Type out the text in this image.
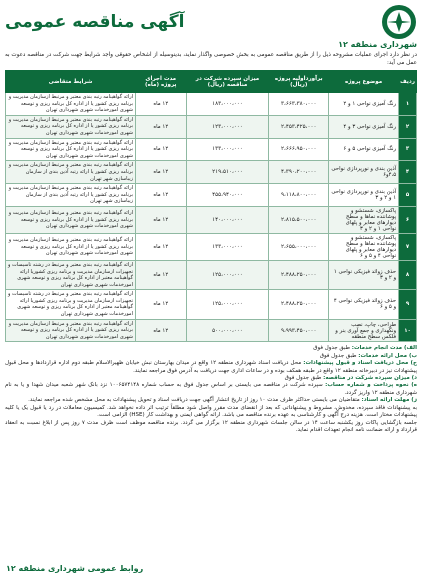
آگهی مناقصه عمومی
شهرداری منطقه ۱۲
در نظر دارد اجرای عملیات مشروحه ذیل را از طریق مناقصه عمومی به بخش خصوصی واگذار نماید، بدینوسیله از اشخاص حقوقی واجد شرایط جهت شرکت در مناقصه دعوت به عمل می آید:
ردیف	موضوع پروژه	برآورداولیه پروژه (ریال)	میزان سپرده شرکت در مناقصه (ریال)	مدت اجرای پروژه (ماه)	شرایط متقاضی
۱	رنگ آمیزی نواحی ۱ و ۲	۳،۶۶۳،۳۸۰،۰۰۰	۱۸۳،۰۰۰،۰۰۰	۱۲ ماه	ارائه گواهینامه رتبه بندی معتبر و مرتبط ازسازمان مدیریت و برنامه ریزی کشور یا از اداره کل برنامه ریزی و توسعه شهری امورخدمات شهری شهرداری تهران
۲	رنگ آمیزی نواحی ۳ و ۴	۲،۴۵۳،۴۲۵،۰۰۰	۱۲۳،۰۰۰،۰۰۰	۱۲ ماه	ارائه گواهینامه رتبه بندی معتبر و مرتبط ازسازمان مدیریت و برنامه ریزی کشور یا از اداره کل برنامه ریزی و توسعه شهری امورخدمات شهری شهرداری تهران
۳	رنگ آمیزی نواحی ۵ و ۶	۲،۶۶۶،۹۵۰،۰۰۰	۱۳۳،۰۰۰،۰۰۰	۱۲ ماه	ارائه گواهینامه رتبه بندی معتبر و مرتبط ازسازمان مدیریت و برنامه ریزی کشور یا از اداره کل برنامه ریزی و توسعه شهری امورخدمات شهری شهرداری تهران
۴	آذین بندی و نورپردازی نواحی ۴،۵و۶	۴،۳۹۰،۲۰۰،۰۰۰	۲۱۹،۵۱۰،۰۰۰	۱۲ ماه	ارائه گواهینامه رتبه بندی معتبر و مرتبط ازسازمان مدیریت و برنامه ریزی کشور یا ارائه رتبه آذین بندی از سازمان زیباسازی شهر تهران
۵	آذین بندی و نورپردازی نواحی ۱ و ۲ و ۳	۹،۱۱۸،۸۰۰،۰۰۰	۴۵۵،۹۴۰،۰۰۰	۱۲ ماه	ارائه گواهینامه رتبه بندی معتبر و مرتبط ازسازمان مدیریت و برنامه ریزی کشور یا ارائه رتبه آذین بندی از سازمان زیباسازی شهر تهران
۶	پاکسازی، شستشو و پوشاننده نماها و سطح دیوارهای معابر و پلهای نواحی ۱ و ۲ و ۳	۲،۸۱۵،۵۰۰،۰۰۰	۱۴۰،۰۰۰،۰۰۰	۱۲ ماه	ارائه گواهینامه رتبه بندی معتبر و مرتبط ازسازمان مدیریت و برنامه ریزی کشور یا از اداره کل برنامه ریزی و توسعه شهری امورخدمات شهری شهرداری تهران
۷	پاکسازی، شستشو و پوشاننده نماها و سطح دیوارهای معابر و پلهای نواحی ۴ و ۵ و ۶	۲،۶۵۵،۰۰۰،۰۰۰	۱۳۳،۰۰۰،۰۰۰	۱۲ ماه	ارائه گواهینامه رتبه بندی معتبر و مرتبط ازسازمان مدیریت و برنامه ریزی کشور یا از اداره کل برنامه ریزی و توسعه شهری امورخدمات شهری شهرداری تهران
۸	حذف زوائد فیزیکی نواحی ۱ و ۲ و ۳	۲،۴۸۸،۲۵۰،۰۰۰	۱۲۵،۰۰۰،۰۰۰	۱۲ ماه	ارائه گواهینامه رتبه بندی معتبر و مرتبط در رشته تاسیسات و تجهیزات ازسازمان مدیریت و برنامه ریزی کشوریا ارائه گواهینامه معتبر از اداره کل برنامه ریزی و توسعه شهری امورخدمات شهری شهرداری تهران
۹	حذف زوائد فیزیکی نواحی ۴ و ۵ و ۶	۲،۴۸۸،۲۵۰،۰۰۰	۱۲۵،۰۰۰،۰۰۰	۱۲ ماه	ارائه گواهینامه رتبه بندی معتبر و مرتبط در رشته تاسیسات و تجهیزات ازسازمان مدیریت و برنامه ریزی کشوریا ارائه گواهینامه معتبر از اداره کل برنامه ریزی و توسعه شهری امورخدمات شهری شهرداری تهران
۱۰	طراحی، چاپ، نصب ونگهداری و جمع آوری بنر و فلکس سطح منطقه	۹،۹۹۳،۴۵۰،۰۰۰	۵۰۰،۰۰۰،۰۰۰	۱۲ ماه	ارائه گواهینامه رتبه بندی معتبر و مرتبط ازسازمان مدیریت و برنامه ریزی کشور یا از اداره کل برنامه ریزی و توسعه شهری امورخدمات شهری شهرداری تهران
الف) مدت انجام خدمات: طبق جدول فوق
ب) محل ارائه خدمات: طبق جدول فوق
ج) محل دریافت اسناد و قبول پیشنهادات: محل دریافت اسناد شهرداری منطقه ۱۲ واقع در میدان بهارستان نبش خیابان ظهیرالاسلام طبقه دوم اداره قراردادها و محل قبول پیشنهادات نیز در دبیرخانه منطقه ۱۲ واقع در طبقه همکف بوده و در ساعات اداری جهت دریافت به آدرس فوق مراجعه نمایند.
د) میزان سپرده شرکت در مناقصه: طبق جدول فوق
ه) نحوه پرداخت و شماره حساب: سپرده شرکت در مناقصه می بایستی بر اساس جدول فوق به حساب شماره ۱۰۰۶۵۷۴۱۴۸ نزد بانک شهر شعبه میدان شهدا و یا به نام شهرداری منطقه ۱۲ واریز گردد.
ز) مهلت ارائه اسناد: متقاضیان می بایستی حداکثر ظرف مدت ۱۰ روز از تاریخ انتشار آگهی جهت دریافت اسناد و تحویل پیشنهادات به محل مشخص شده مراجعه نمایند.
به پیشنهادات فاقد سپرده، مخدوش، مشروط و پیشنهاداتی که بعد از انقضای مدت مقرر واصل شود مطلقاً ترتیب اثر داده نخواهد شد. کمیسیون معاملات در رد یا قبول یک یا کلیه پیشنهادات مختار است. هزینه درج آگهی و کارشناسی به عهده برنده مناقصه می باشد. ارائه گواهی ایمنی و بهداشت کار (HSE) الزامی است.
جلسه بازگشایی پاکات روز یکشنبه ساعت ۱۴ در سالن جلسات شهرداری منطقه ۱۲ برگزار می گردد. برنده مناقصه موظف است ظرف مدت ۷ روز پس از ابلاغ نسبت به انعقاد قرارداد و ارائه ضمانت نامه انجام تعهدات اقدام نماید.
روابط عمومی شهرداری منطقه ۱۲
